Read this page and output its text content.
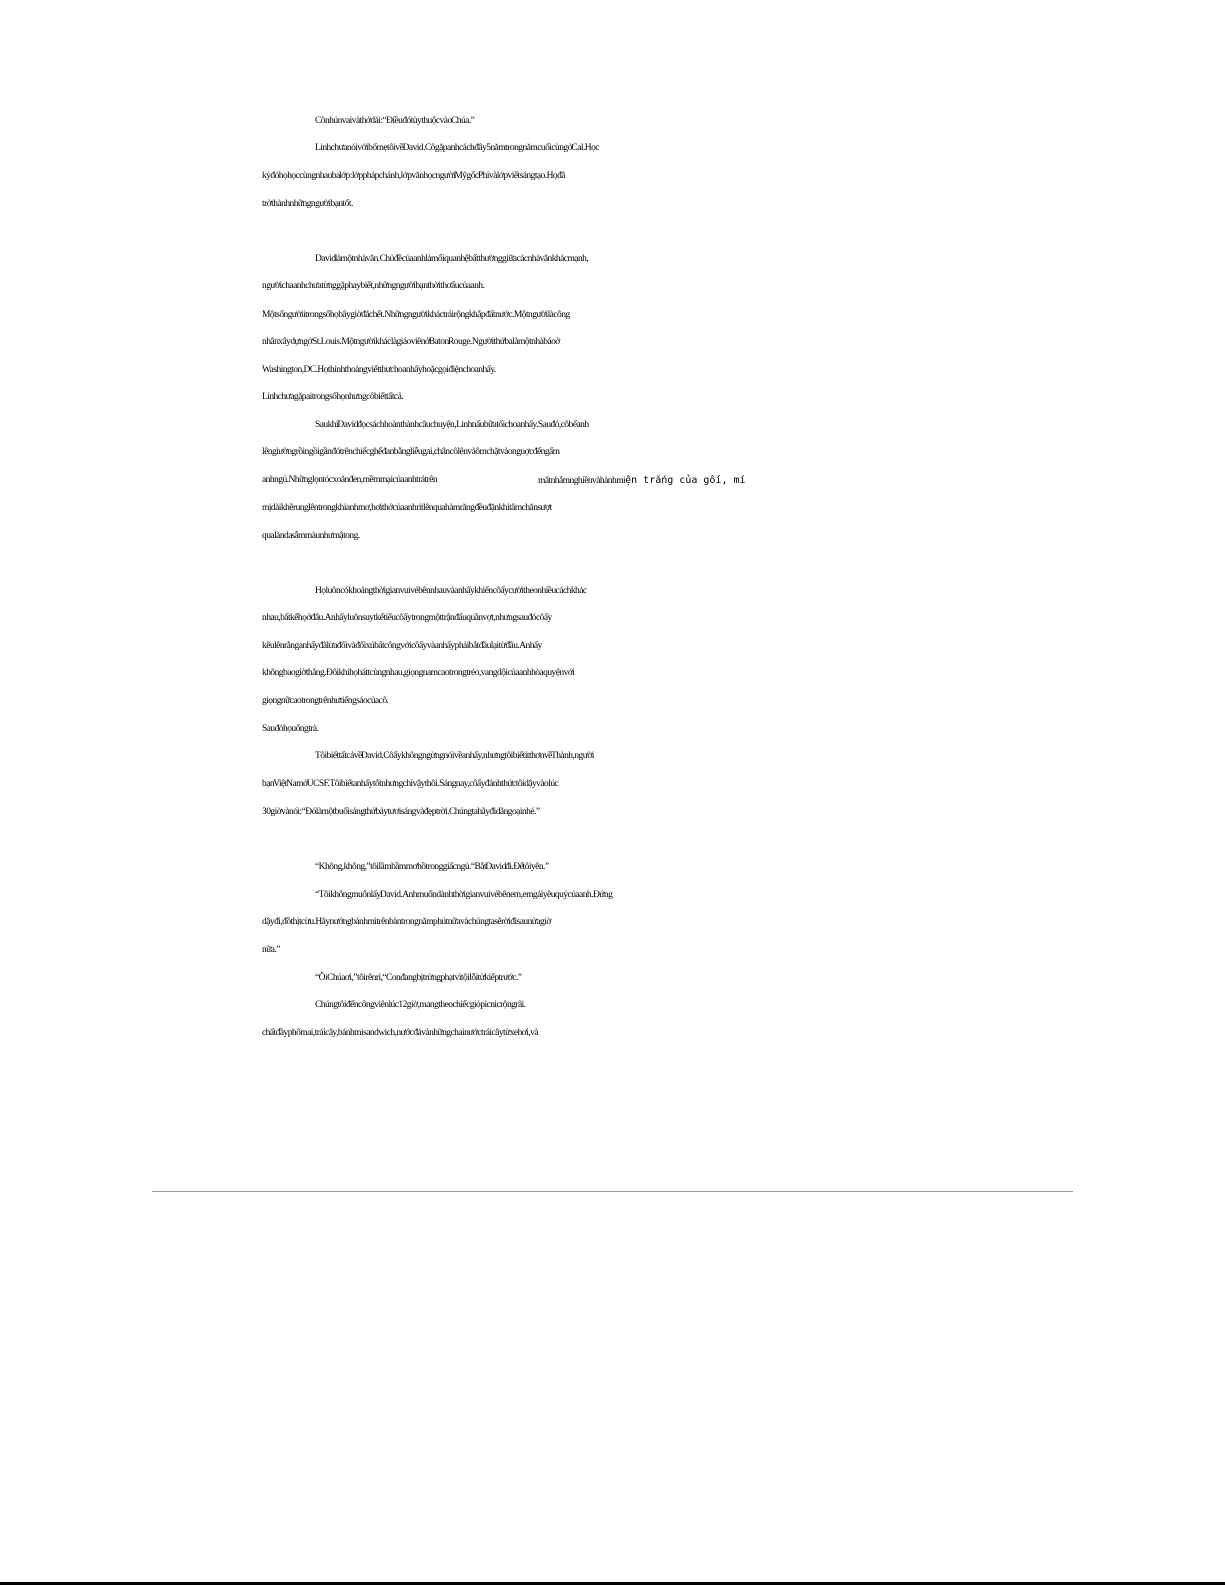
Cônhúnvaivàthởdài:“Điềuđótùythuộcvào Chúa.”
Linhchưanóivớibốmẹtôivề David.Côgặpanhcáchđây5nămtrongnămcuốicùngở Cal.Học
kỳđóhọhọccùngnhauba lớp:lớpphápchánh,lớpvănhọcngười Mỹgốc Phivàlớpviếtsángtạo.Họđã
trởthànhnhữngngườibạntốt.
David làmộtnhàvăn.Chủđềcủaanhlàmốiquanhệbấtthườnggiữacácnhàvănkhácmạnh,
ngườichaanhchưatừnggặphaybiết,nhữngngườibạnthờithơấucủaanh.
Mộtsốngườiitrongsốhọbâygiờđãchết.Nhữngngườikháctrảirộngkhắpđấtnước.Mộtngườilàcông
nhânxâydựngởSt.Louis.Mộtngườikháclàgiáoviênở Baton Rouge.Ngườithứbalàmộtnhàbáoở
Washington,DC.Họthỉnhthoảngviếtthưchoanhấyhoặcgọiđiệnchoanhấy.
Linhchưagặpaitrongsốhọnhưngcôbiếttấtcả.
Saukhi David đọcsáchhoànthànhcâuchuyện,Linhnấubữatốichoanhấy.Sauđó,côbếanh
lêngiườngrồingồigầnđótrênchiếcghếđanbằngliễugai,châncôlênvàômchặtvàonguợcđếngấm
anhngủ.Nhữnglọntócxoănđen,mềmmạicủaanhtrảtrên	mắtnhắmnghiềnvàhànhmiện trắng của gối, mí
mịdàikhẽrunglêntrongkhianhmơ,hơithởcủaanhrítlênquahàmrăngđềuđặnkhitâmchănsượt
qualànda sẫmmàunhưmậtong.
Họluôncókhoảngthờigianvuivẻbênnhauvàanhấykhiếncôấycườitheonhiềucáchkhác
nhau,bấtkểhọởđâu.Anhấyluônsuytkếtiểucôấytrongmộttrậnđấuquầnvợt,nhưngsauđócôấy
kêulênrằnganhấyđãlừađốivàđổixúbấtcôngvớicôấyvàanhấyphảibắtđầulạitừđầu.Anhấy
khôngbaogiờthắng.Đôikhihọháttcùngnhau,giọngnamcaotrongtrẻo,vangdộicủaanhhòaquyệnvới
giọngnữcaotrongtrênhưtiếngsáocủacô.
Sauđóhọuốngtrà.
Tôibiếttấtcảvề David.Côấykhôngngừngnóivềanhấy,nhưngtôibiếtítthơnvề Thành,người
bạn Việt Namở UCSF.Tôibiếtanhấytốtnhưngchỉvậythôi.Sángnay,côấyđánhthứctôidậyvàolúc
30giờvànói:“Đólàmộtbuổisángthứbảytươisángvàđẹptrời.Chúngtahãyđidãngoạinhé.”
“Không,không,”tôilầmbầmmơhồtronggiấcngủ.“Bắt David đi.Để tôiyên.”
“Tôikhôngmuốnlấy David.Anhmuốndànhthờigianvuivẻbênem,emgáiyêuquýcủaanh.Đứng
dậyđi,đồthịtcừu.Hãynướngbánhmìtrênbàntrongnămphútnữavàchúngtasẽrờiđisaunửagiờ
nữa.”
“ÔiChúaơi,”tôirênrỉ,“Conđangbịtrừngphạtvìtộilỗitừkiếptrước.”
Chúngtôiđếncôngviênlúc12giờ,mangtheochiếcgiỏpicnicrộngrãi.
chấtđầyphômai,tráicây,bánhmìsandwich,nướcđávànhữngchainướctráicâytừxehơi,và
